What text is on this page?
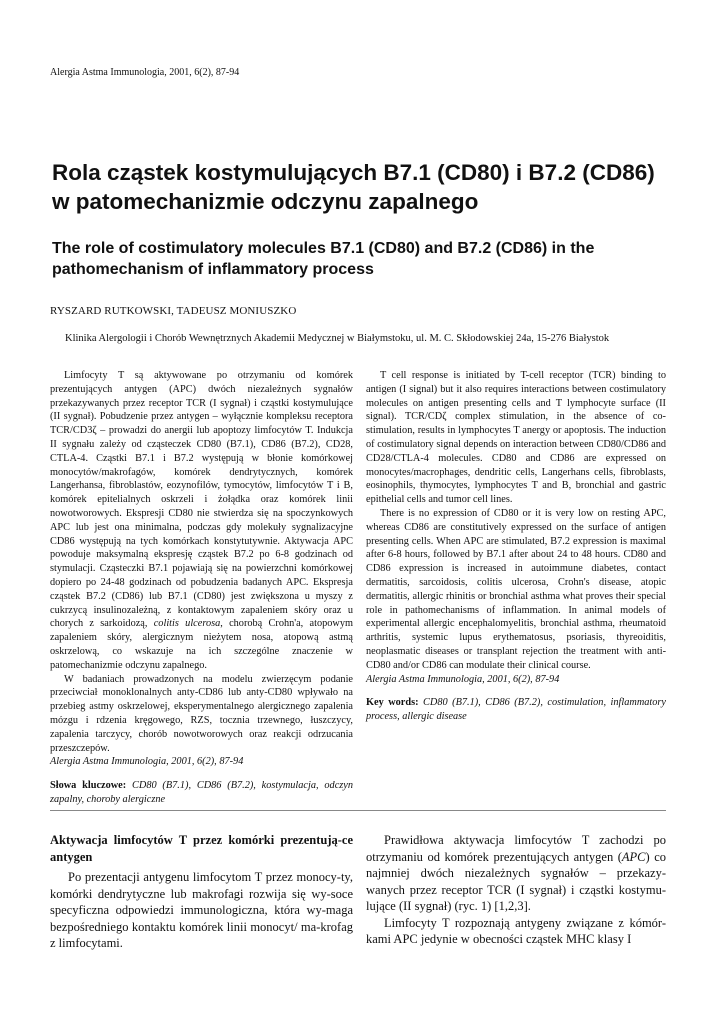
Alergia Astma Immunologia, 2001, 6(2), 87-94
Rola cząstek kostymulujących B7.1 (CD80) i B7.2 (CD86) w patomechanizmie odczynu zapalnego
The role of costimulatory molecules B7.1 (CD80) and B7.2 (CD86) in the pathomechanism of inflammatory process
RYSZARD RUTKOWSKI, TADEUSZ MONIUSZKO
Klinika Alergologii i Chorób Wewnętrznych Akademii Medycznej w Białymstoku, ul. M. C. Skłodowskiej 24a, 15-276 Białystok

Limfocyty T są aktywowane po otrzymaniu od komórek prezentujących antygen (APC) dwóch niezależnych sygnałów przekazywanych przez receptor TCR (I sygnał) i cząstki kostymulujące (II sygnał). Pobudzenie przez antygen – wyłącznie kompleksu receptora TCR/CD3ζ – prowadzi do anergii lub apoptozy limfocytów T. Indukcja II sygnału zależy od cząsteczek CD80 (B7.1), CD86 (B7.2), CD28, CTLA-4. Cząstki B7.1 i B7.2 występują w błonie komórkowej monocytów/makrofagów, komórek dendrytycznych, komórek Langerhansa, fibroblastów, eozynofilów, tymocytów, limfocytów T i B, komórek epitelialnych oskrzeli i żołądka oraz komórek linii nowotworowych. Ekspresji CD80 nie stwierdza się na spoczynkowych APC lub jest ona minimalna, podczas gdy molekuły sygnalizacyjne CD86 występują na tych komórkach konstytutywnie. Aktywacja APC powoduje maksymalną ekspresję cząstek B7.2 po 6-8 godzinach od stymulacji. Cząsteczki B7.1 pojawiają się na powierzchni komórkowej dopiero po 24-48 godzinach od pobudzenia badanych APC. Ekspresja cząstek B7.2 (CD86) lub B7.1 (CD80) jest zwiększona u myszy z cukrzycą insulinozależną, z kontaktowym zapaleniem skóry oraz u chorych z sarkoidozą, colitis ulcerosa, chorobą Crohn'a, atopowym zapaleniem skóry, alergicznym nieżytem nosa, atopową astmą oskrzelową, co wskazuje na ich szczególne znaczenie w patomechanizmie odczynu zapalnego.

W badaniach prowadzonych na modelu zwierzęcym podanie przeciwciał monoklonalnych anty-CD86 lub anty-CD80 wpływało na przebieg astmy oskrzelowej, eksperymentalnego alergicznego zapalenia mózgu i rdzenia kręgowego, RZS, tocznia trzewnego, łuszczycy, zapalenia tarczycy, chorób nowotworowych oraz reakcji odrzucania przeszczepów.

Alergia Astma Immunologia, 2001, 6(2), 87-94

Słowa kluczowe: CD80 (B7.1), CD86 (B7.2), kostymulacja, odczyn zapalny, choroby alergiczne

T cell response is initiated by T-cell receptor (TCR) binding to antigen (I signal) but it also requires interactions between costimulatory molecules on antigen presenting cells and T lymphocyte surface (II signal). TCR/CDζ complex stimulation, in the absence of co-stimulation, results in lymphocytes T anergy or apoptosis. The induction of costimulatory signal depends on interaction between CD80/CD86 and CD28/CTLA-4 molecules. CD80 and CD86 are expressed on monocytes/macrophages, dendritic cells, Langerhans cells, fibroblasts, eosinophils, thymocytes, lymphocytes T and B, bronchial and gastric epithelial cells and tumor cell lines.

There is no expression of CD80 or it is very low on resting APC, whereas CD86 are constitutively expressed on the surface of antigen presenting cells. When APC are stimulated, B7.2 expression is maximal after 6-8 hours, followed by B7.1 after about 24 to 48 hours. CD80 and CD86 expression is increased in autoimmune diabetes, contact dermatitis, sarcoidosis, colitis ulcerosa, Crohn's disease, atopic dermatitis, allergic rhinitis or bronchial asthma what proves their special role in pathomechanisms of inflammation. In animal models of experimental allergic encephalomyelitis, bronchial asthma, rheumatoid arthritis, systemic lupus erythematosus, psoriasis, thyreoiditis, neoplasmatic diseases or transplant rejection the treatment with anti-CD80 and/or CD86 can modulate their clinical course.

Alergia Astma Immunologia, 2001, 6(2), 87-94

Key words: CD80 (B7.1), CD86 (B7.2), costimulation, inflammatory process, allergic disease

Aktywacja limfocytów T przez komórki prezentują-ce antygen

Po prezentacji antygenu limfocytom T przez monocy-ty, komórki dendrytyczne lub makrofagi rozwija się wy-soce specyficzna odpowiedzi immunologiczna, która wy-maga bezpośredniego kontaktu komórek linii monocyt/ ma-krofag z limfocytami.

Prawidłowa aktywacja limfocytów T zachodzi po otrzymaniu od komórek prezentujących antygen (APC) co najmniej dwóch niezależnych sygnałów – przekazy-wanych przez receptor TCR (I sygnał) i cząstki kostymu-lujące (II sygnał) (ryc. 1) [1,2,3].

Limfocyty T rozpoznają antygeny związane z kómór-kami APC jedynie w obecności cząstek MHC klasy I
